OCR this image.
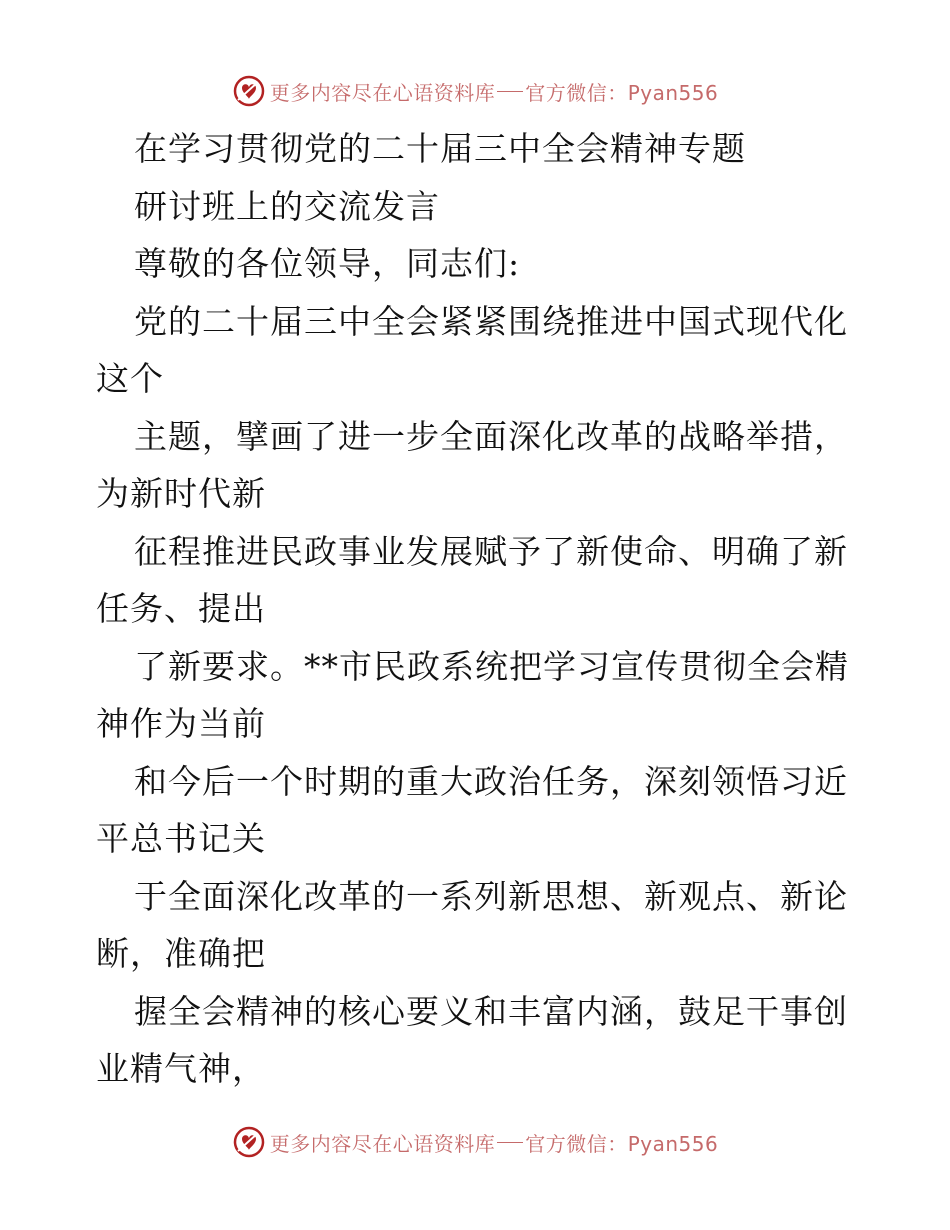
更多内容尽在心语资料库 官方微信：Pyan556
在学习贯彻党的二十届三中全会精神专题
研讨班上的交流发言
尊敬的各位领导，同志们:
党的二十届三中全会紧紧围绕推进中国式现代化
这个
主题，擘画了进一步全面深化改革的战略举措，
为新时代新
征程推进民政事业发展赋予了新使命、明确了新
任务、提出
了新要求。**市民政系统把学习宣传贯彻全会精
神作为当前
和今后一个时期的重大政治任务，深刻领悟习近
平总书记关
于全面深化改革的一系列新思想、新观点、新论
断，准确把
握全会精神的核心要义和丰富内涵，鼓足干事创
业精气神，
更多内容尽在心语资料库 官方微信：Pyan556
